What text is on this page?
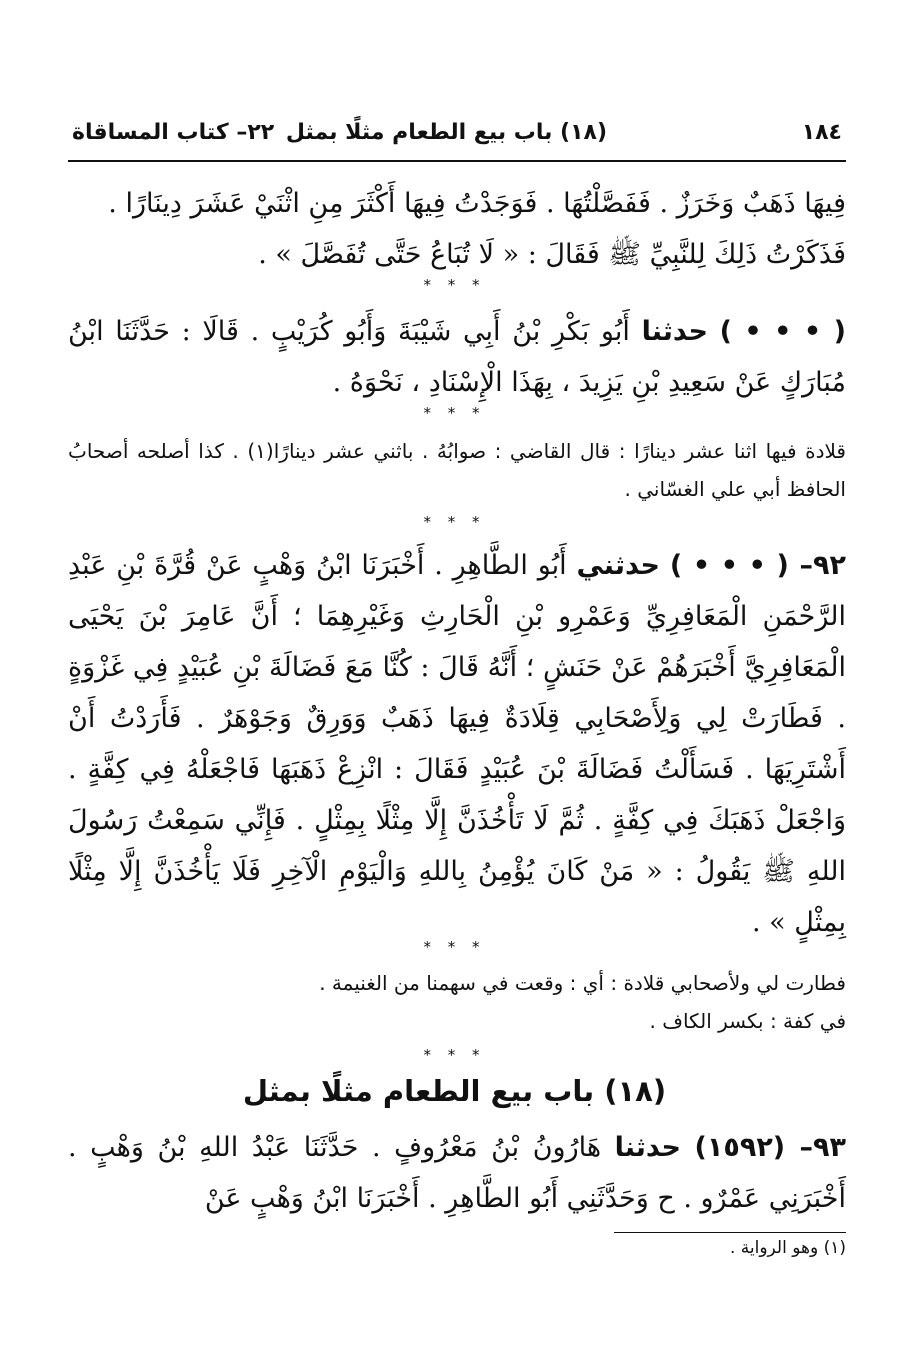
١٨٤
(١٨) باب بيع الطعام مثلًا بمثل
٢٢– كتاب المساقاة
فِيهَا ذَهَبٌ وَخَرَزٌ . فَفَصَّلْتُهَا . فَوَجَدْتُ فِيهَا أَكْثَرَ مِنِ اثْنَيْ عَشَرَ دِينَارًا .
فَذَكَرْتُ ذَلِكَ لِلنَّبِيِّ ﷺ فَقَالَ : « لَا تُبَاعُ حَتَّى تُفَصَّلَ » .
* * *
( • • • ) حدثنا أَبُو بَكْرِ بْنُ أَبِي شَيْبَةَ وَأَبُو كُرَيْبٍ . قَالَا : حَدَّثَنَا ابْنُ مُبَارَكٍ عَنْ سَعِيدِ بْنِ يَزِيدَ ، بِهَذَا الْإِسْنَادِ ، نَحْوَهُ .
* * *
قلادة فيها اثنا عشر دينارًا : قال القاضي : صوابُهُ . باثني عشر دينارًا(١) . كذا أصلحه أصحابُ الحافظ أبي علي الغسّاني .
* * *
٩٢– ( • • • ) حدثني أَبُو الطَّاهِرِ . أَخْبَرَنَا ابْنُ وَهْبٍ عَنْ قُرَّةَ بْنِ عَبْدِ الرَّحْمَنِ الْمَعَافِرِيِّ وَعَمْرِو بْنِ الْحَارِثِ وَغَيْرِهِمَا ؛ أَنَّ عَامِرَ بْنَ يَحْيَى الْمَعَافِرِيَّ أَخْبَرَهُمْ عَنْ حَنَشٍ ؛ أَنَّهُ قَالَ : كُنَّا مَعَ فَضَالَةَ بْنِ عُبَيْدٍ فِي غَزْوَةٍ . فَطَارَتْ لِي وَلِأَصْحَابِي قِلَادَةٌ فِيهَا ذَهَبٌ وَوَرِقٌ وَجَوْهَرٌ . فَأَرَدْتُ أَنْ أَشْتَرِيَهَا . فَسَأَلْتُ فَضَالَةَ بْنَ عُبَيْدٍ فَقَالَ : انْزِعْ ذَهَبَهَا فَاجْعَلْهُ فِي كِفَّةٍ . وَاجْعَلْ ذَهَبَكَ فِي كِفَّةٍ . ثُمَّ لَا تَأْخُذَنَّ إِلَّا مِثْلًا بِمِثْلٍ . فَإِنِّي سَمِعْتُ رَسُولَ اللهِ ﷺ يَقُولُ : « مَنْ كَانَ يُؤْمِنُ بِاللهِ وَالْيَوْمِ الْآخِرِ فَلَا يَأْخُذَنَّ إِلَّا مِثْلًا بِمِثْلٍ » .
* * *
فطارت لي ولأصحابي قلادة : أي : وقعت في سهمنا من الغنيمة .
في كفة : بكسر الكاف .
* * *
(١٨) باب بيع الطعام مثلًا بمثل
٩٣– (١٥٩٢) حدثنا هَارُونُ بْنُ مَعْرُوفٍ . حَدَّثَنَا عَبْدُ اللهِ بْنُ وَهْبٍ . أَخْبَرَنِي عَمْرٌو . ح وَحَدَّثَنِي أَبُو الطَّاهِرِ . أَخْبَرَنَا ابْنُ وَهْبٍ عَنْ
(١) وهو الرواية .
